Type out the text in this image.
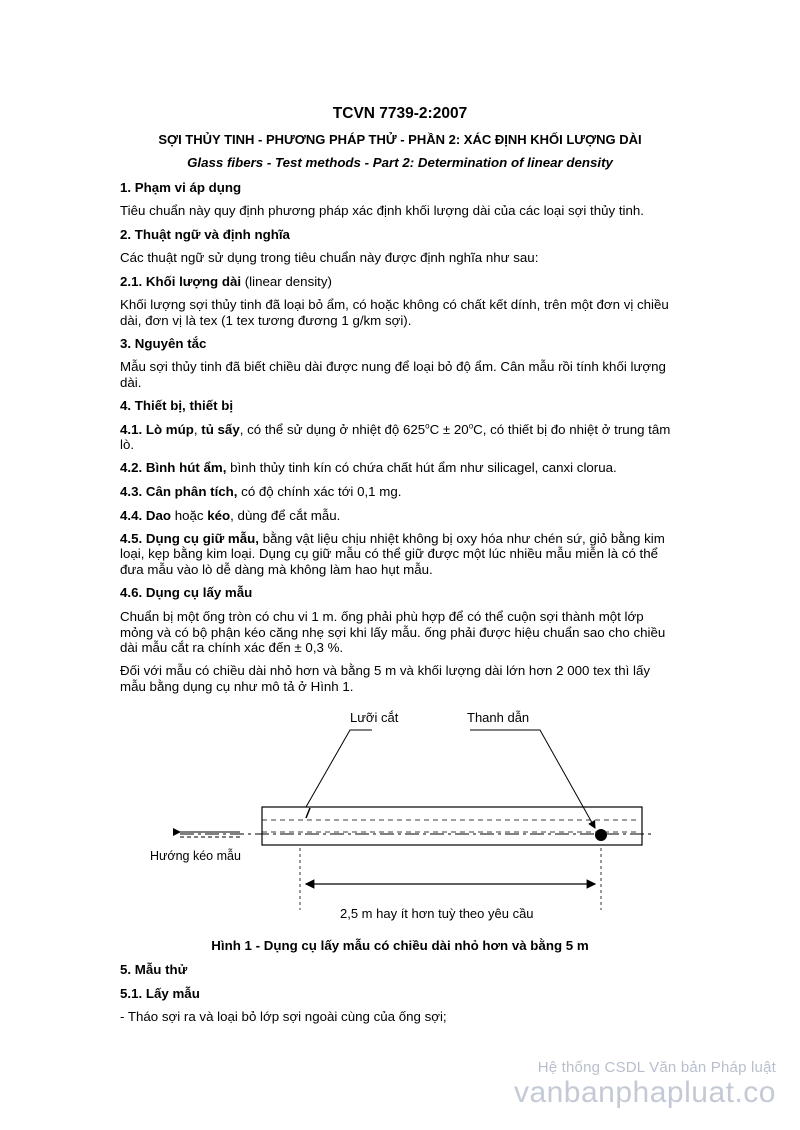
TCVN 7739-2:2007
SỢI THỦY TINH - PHƯƠNG PHÁP THỬ - PHẦN 2: XÁC ĐỊNH KHỐI LƯỢNG DÀI
Glass fibers - Test methods - Part 2: Determination of linear density
1. Phạm vi áp dụng
Tiêu chuẩn này quy định phương pháp xác định khối lượng dài của các loại sợi thủy tinh.
2. Thuật ngữ và định nghĩa
Các thuật ngữ sử dụng trong tiêu chuẩn này được định nghĩa như sau:
2.1. Khối lượng dài (linear density)
Khối lượng sợi thủy tinh đã loại bỏ ẩm, có hoặc không có chất kết dính, trên một đơn vị chiều
dài, đơn vị là tex (1 tex tương đương 1 g/km sợi).
3. Nguyên tắc
Mẫu sợi thủy tinh đã biết chiều dài được nung để loại bỏ độ ẩm. Cân mẫu rồi tính khối lượng
dài.
4. Thiết bị, thiết bị
4.1. Lò múp, tủ sấy, có thể sử dụng ở nhiệt độ $625^oC \pm 20^oC$, có thiết bị đo nhiệt ở trung tâm
lò.
4.2. Bình hút ẩm, bình thủy tinh kín có chứa chất hút ẩm như silicagel, canxi clorua.
4.3. Cân phân tích, có độ chính xác tới 0,1 mg.
4.4. Dao hoặc kéo, dùng để cắt mẫu.
4.5. Dụng cụ giữ mẫu, bằng vật liệu chịu nhiệt không bị oxy hóa như chén sứ, giỏ bằng kim
loại, kẹp bằng kim loại. Dụng cụ giữ mẫu có thể giữ được một lúc nhiều mẫu miễn là có thể
đưa mẫu vào lò dễ dàng mà không làm hao hụt mẫu.
4.6. Dụng cụ lấy mẫu
Chuẩn bị một ống tròn có chu vi 1 m. ống phải phù hợp để có thể cuộn sợi thành một lớp
mỏng và có bộ phận kéo căng nhẹ sợi khi lấy mẫu. ống phải được hiệu chuẩn sao cho chiều
dài mẫu cắt ra chính xác đến ± 0,3 %.
Đối với mẫu có chiều dài nhỏ hơn và bằng 5 m và khối lượng dài lớn hơn 2 000 tex thì lấy
mẫu bằng dụng cụ như mô tả ở Hình 1.
Hình 1 - Dụng cụ lấy mẫu có chiều dài nhỏ hơn và bằng 5 m
5. Mẫu thử
5.1. Lấy mẫu
- Tháo sợi ra và loại bỏ lớp sợi ngoài cùng của ống sợi;
Lưỡi cắt	Thanh dẫn
Hướng kéo mẫu
2,5 m hay ít hơn tuỳ theo yêu cầu
Hệ thống CSDL Văn bản Pháp luật
vanbanphapluat.co
